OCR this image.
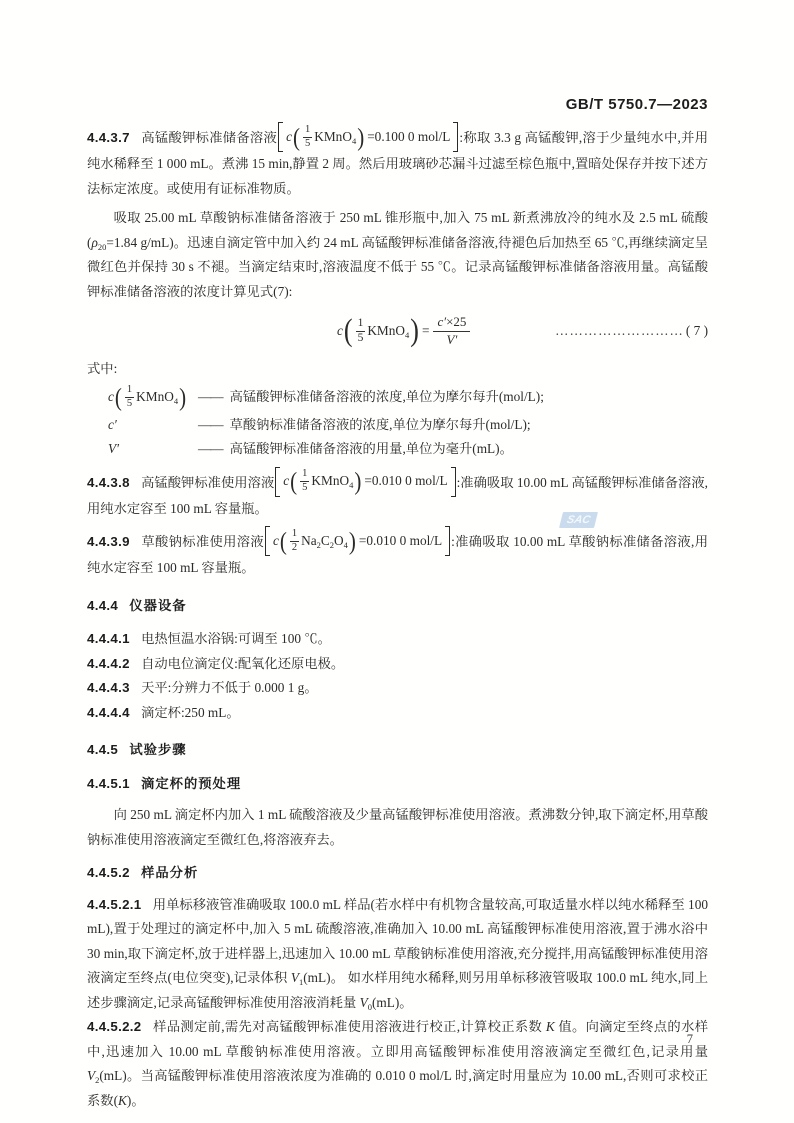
SAC
GB/T 5750.7—2023

4.4.3.7 高锰酸钾标准储备溶液 c ( $\frac{1}{5}$ KMnO$_4$ ) =0.100 0 mol/L :称取 3.3 g 高锰酸钾,溶于少量纯水中,并用纯水稀释至 1 000 mL。煮沸 15 min,静置 2 周。然后用玻璃砂芯漏斗过滤至棕色瓶中,置暗处保存并按下述方法标定浓度。或使用有证标准物质。

吸取 25.00 mL 草酸钠标准储备溶液于 250 mL 锥形瓶中,加入 75 mL 新煮沸放冷的纯水及 2.5 mL 硫酸($\rho_{20}=1.84$ g/mL)。迅速自滴定管中加入约 24 mL 高锰酸钾标准储备溶液,待褪色后加热至 65 ℃,再继续滴定呈微红色并保持 30 s 不褪。当滴定结束时,溶液温度不低于 55 ℃。记录高锰酸钾标准储备溶液用量。高锰酸钾标准储备溶液的浓度计算见式(7):

c ( $\frac{1}{5}$ KMnO$_4$ ) = $\frac{c'\times 25}{V'}$	……………………… ( 7 )

式中:

c ( $\frac{1}{5}$ KMnO$_4$ ) —— 高锰酸钾标准储备溶液的浓度,单位为摩尔每升(mol/L);
c′	—— 草酸钠标准储备溶液的浓度,单位为摩尔每升(mol/L);
V′	—— 高锰酸钾标准储备溶液的用量,单位为毫升(mL)。

4.4.3.8 高锰酸钾标准使用溶液 c ( $\frac{1}{5}$ KMnO$_4$ ) =0.010 0 mol/L :准确吸取 10.00 mL 高锰酸钾标准储备溶液,用纯水定容至 100 mL 容量瓶。

4.4.3.9 草酸钠标准使用溶液 c ( $\frac{1}{2} Na_2C_2O_4$ ) =0.010 0 mol/L :准确吸取 10.00 mL 草酸钠标准储备溶液,用纯水定容至 100 mL 容量瓶。

4.4.4 仪器设备

4.4.4.1 电热恒温水浴锅:可调至 100 ℃。

4.4.4.2 自动电位滴定仪:配氧化还原电极。

4.4.4.3 天平:分辨力不低于 0.000 1 g。

4.4.4.4 滴定杯:250 mL。

4.4.5 试验步骤

4.4.5.1 滴定杯的预处理

向 250 mL 滴定杯内加入 1 mL 硫酸溶液及少量高锰酸钾标准使用溶液。煮沸数分钟,取下滴定杯,用草酸钠标准使用溶液滴定至微红色,将溶液弃去。

4.4.5.2 样品分析

4.4.5.2.1 用单标移液管准确吸取 100.0 mL 样品(若水样中有机物含量较高,可取适量水样以纯水稀释至 100 mL),置于处理过的滴定杯中,加入 5 mL 硫酸溶液,准确加入 10.00 mL 高锰酸钾标准使用溶液,置于沸水浴中 30 min,取下滴定杯,放于进样器上,迅速加入 10.00 mL 草酸钠标准使用溶液,充分搅拌,用高锰酸钾标准使用溶液滴定至终点(电位突变),记录体积 $V_1(mL)$。 如水样用纯水稀释,则另用单标移液管吸取 100.0 mL 纯水,同上述步骤滴定,记录高锰酸钾标准使用溶液消耗量 $V_0(mL)$。

4.4.5.2.2 样品测定前,需先对高锰酸钾标准使用溶液进行校正,计算校正系数 K 值。向滴定至终点的水样中,迅速加入 10.00 mL 草酸钠标准使用溶液。立即用高锰酸钾标准使用溶液滴定至微红色,记录用量 $V_2(mL)$。当高锰酸钾标准使用溶液浓度为准确的 0.010 0 mol/L 时,滴定时用量应为 10.00 mL,否则可求校正系数(K)。

7
